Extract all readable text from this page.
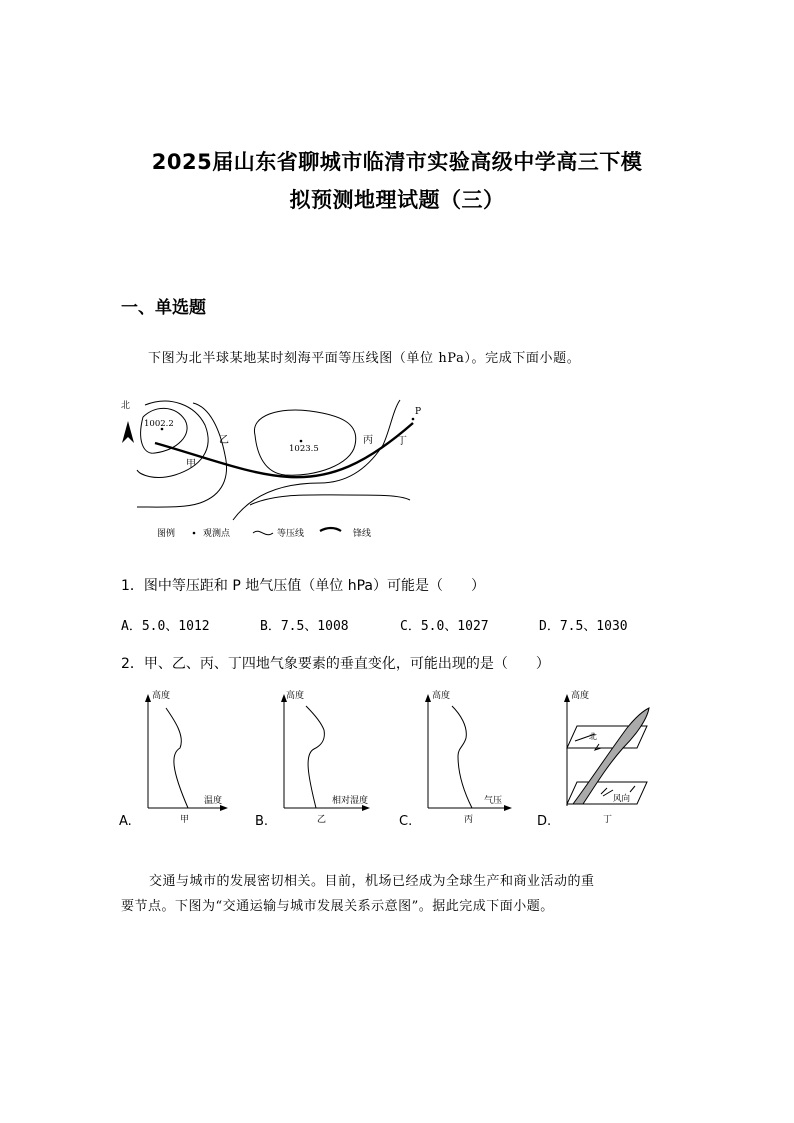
2025届山东省聊城市临清市实验高级中学高三下模
拟预测地理试题（三）
一、单选题
下图为北半球某地某时刻海平面等压线图（单位 hPa）。完成下面小题。
北
1002.2
1023.5
P
乙
甲
丙 丁
图例	观测点	等压线	锋线
1．图中等压距和 P 地气压值（单位 hPa）可能是（　　）
A．5.0、1012	B．7.5、1008	C．5.0、1027	D．7.5、1030
2．甲、乙、丙、丁四地气象要素的垂直变化，可能出现的是（　　）
A.
高度
温度
甲	B.
高度
相对湿度
乙	C.
高度
气压
丙	D.
北
高度
风向
丁
交通与城市的发展密切相关。目前，机场已经成为全球生产和商业活动的重
要节点。下图为“交通运输与城市发展关系示意图”。据此完成下面小题。
